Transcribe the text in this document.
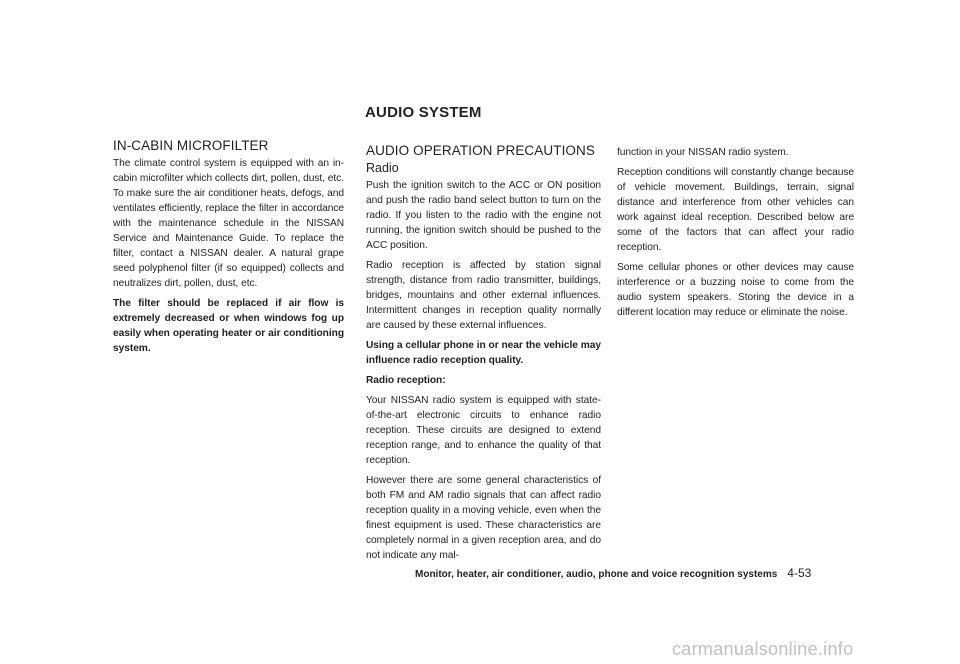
AUDIO SYSTEM
IN-CABIN MICROFILTER

The climate control system is equipped with an in-cabin microfilter which collects dirt, pollen, dust, etc. To make sure the air conditioner heats, defogs, and ventilates efficiently, replace the filter in accordance with the maintenance schedule in the NISSAN Service and Maintenance Guide. To replace the filter, contact a NISSAN dealer. A natural grape seed polyphenol filter (if so equipped) collects and neutralizes dirt, pollen, dust, etc.

The filter should be replaced if air flow is extremely decreased or when windows fog up easily when operating heater or air conditioning system.

AUDIO OPERATION PRECAUTIONS
Radio

Push the ignition switch to the ACC or ON position and push the radio band select button to turn on the radio. If you listen to the radio with the engine not running, the ignition switch should be pushed to the ACC position.

Radio reception is affected by station signal strength, distance from radio transmitter, buildings, bridges, mountains and other external influences. Intermittent changes in reception quality normally are caused by these external influences.

Using a cellular phone in or near the vehicle may influence radio reception quality.

Radio reception:

Your NISSAN radio system is equipped with state-of-the-art electronic circuits to enhance radio reception. These circuits are designed to extend reception range, and to enhance the quality of that reception.

However there are some general characteristics of both FM and AM radio signals that can affect radio reception quality in a moving vehicle, even when the finest equipment is used. These characteristics are completely normal in a given reception area, and do not indicate any mal-

function in your NISSAN radio system.

Reception conditions will constantly change because of vehicle movement. Buildings, terrain, signal distance and interference from other vehicles can work against ideal reception. Described below are some of the factors that can affect your radio reception.

Some cellular phones or other devices may cause interference or a buzzing noise to come from the audio system speakers. Storing the device in a different location may reduce or eliminate the noise.

Monitor, heater, air conditioner, audio, phone and voice recognition systems 4-53
carmanualsonline.info
